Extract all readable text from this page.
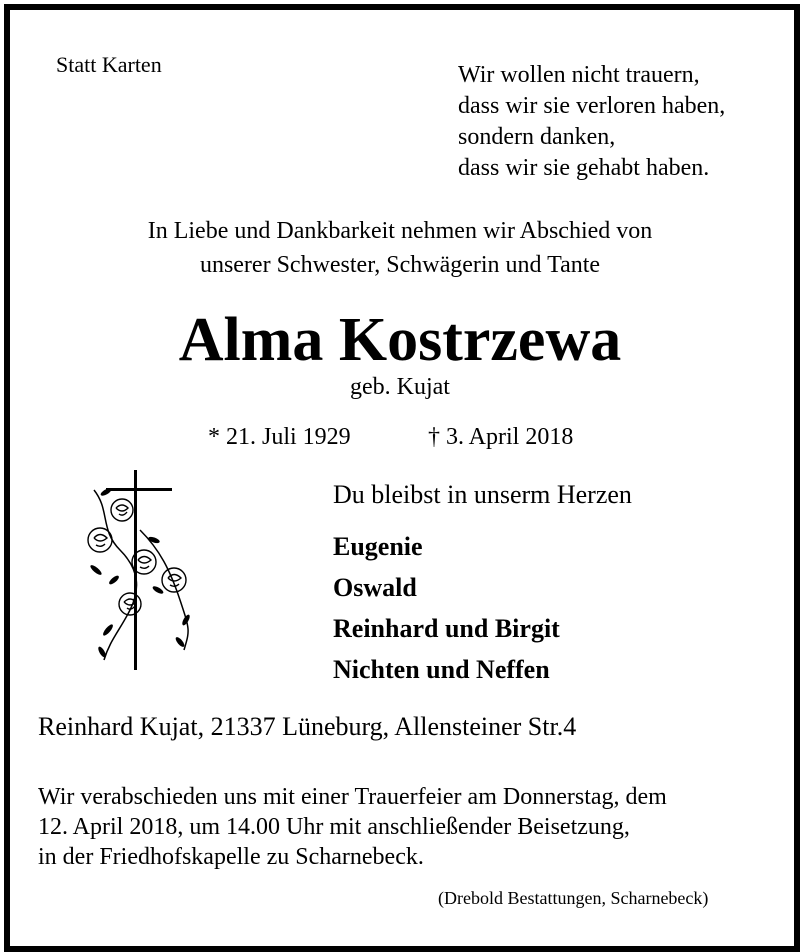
Statt Karten	Wir wollen nicht trauern,
dass wir sie verloren haben,
sondern danken,
dass wir sie gehabt haben.
In Liebe und Dankbarkeit nehmen wir Abschied von
unserer Schwester, Schwägerin und Tante
Alma Kostrzewa
geb. Kujat
* 21. Juli 1929	† 3. April 2018
Du bleibst in unserm Herzen
Eugenie
Oswald
Reinhard und Birgit
Nichten und Neffen
Reinhard Kujat, 21337 Lüneburg, Allensteiner Str.4
Wir verabschieden uns mit einer Trauerfeier am Donnerstag, dem
12. April 2018, um 14.00 Uhr mit anschließender Beisetzung,
in der Friedhofskapelle zu Scharnebeck.
(Drebold Bestattungen, Scharnebeck)
